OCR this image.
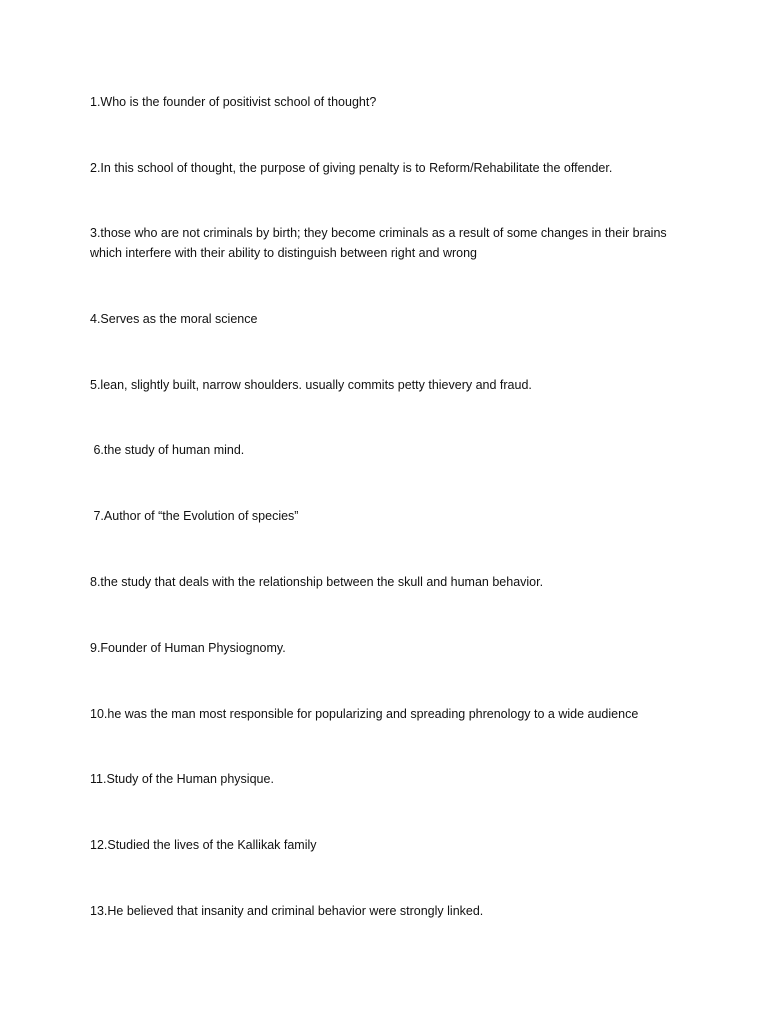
1.Who is the founder of positivist school of thought?

2.In this school of thought, the purpose of giving penalty is to Reform/Rehabilitate the offender.

3.those who are not criminals by birth; they become criminals as a result of some changes in their brains which interfere with their ability to distinguish between right and wrong

4.Serves as the moral science

5.lean, slightly built, narrow shoulders. usually commits petty thievery and fraud.

6.the study of human mind.

7.Author of “the Evolution of species”

8.the study that deals with the relationship between the skull and human behavior.

9.Founder of Human Physiognomy.

10.he was the man most responsible for popularizing and spreading phrenology to a wide audience

11.Study of the Human physique.

12.Studied the lives of the Kallikak family

13.He believed that insanity and criminal behavior were strongly linked.
